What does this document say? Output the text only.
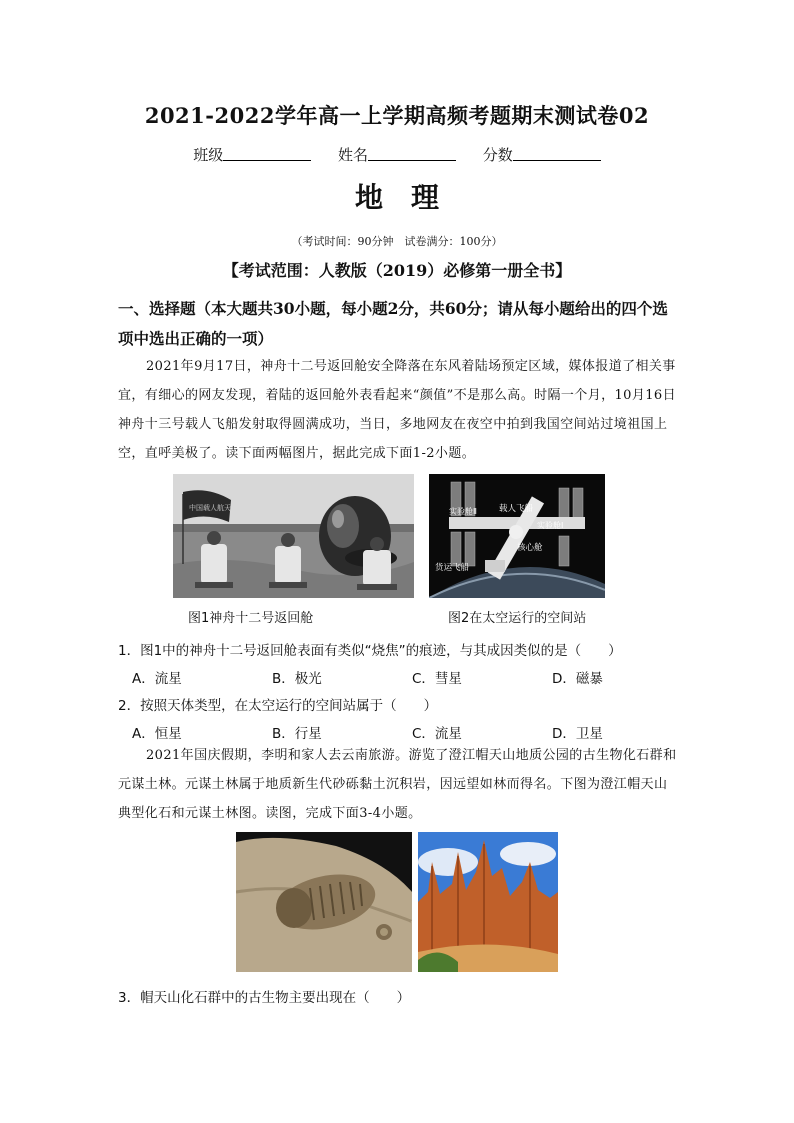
2021-2022学年高一上学期高频考题期末测试卷02
班级	姓名	分数
地理
（考试时间：90分钟　试卷满分：100分）
【考试范围：人教版（2019）必修第一册全书】
一、选择题（本大题共30小题，每小题2分，共60分；请从每小题给出的四个选项中选出正确的一项）
2021年9月17日，神舟十二号返回舱安全降落在东风着陆场预定区域，媒体报道了相关事宜，有细心的网友发现，着陆的返回舱外表看起来“颜值”不是那么高。时隔一个月，10月16日神舟十三号载人飞船发射取得圆满成功，当日，多地网友在夜空中拍到我国空间站过境祖国上空，直呼美极了。读下面两幅图片，据此完成下面1-2小题。
中国载人航天
图1神舟十二号返回舱
载人飞船
实验舱Ⅱ
实验舱Ⅰ
核心舱
货运飞船
图2在太空运行的空间站
1．图1中的神舟十二号返回舱表面有类似“烧焦”的痕迹，与其成因类似的是（　　）
A．流星	B．极光	C．彗星	D．磁暴
2．按照天体类型，在太空运行的空间站属于（　　）
A．恒星	B．行星	C．流星	D．卫星
2021年国庆假期，李明和家人去云南旅游。游览了澄江帽天山地质公园的古生物化石群和元谋土林。元谋土林属于地质新生代砂砾黏土沉积岩，因远望如林而得名。下图为澄江帽天山典型化石和元谋土林图。读图，完成下面3-4小题。
3．帽天山化石群中的古生物主要出现在（　　）
